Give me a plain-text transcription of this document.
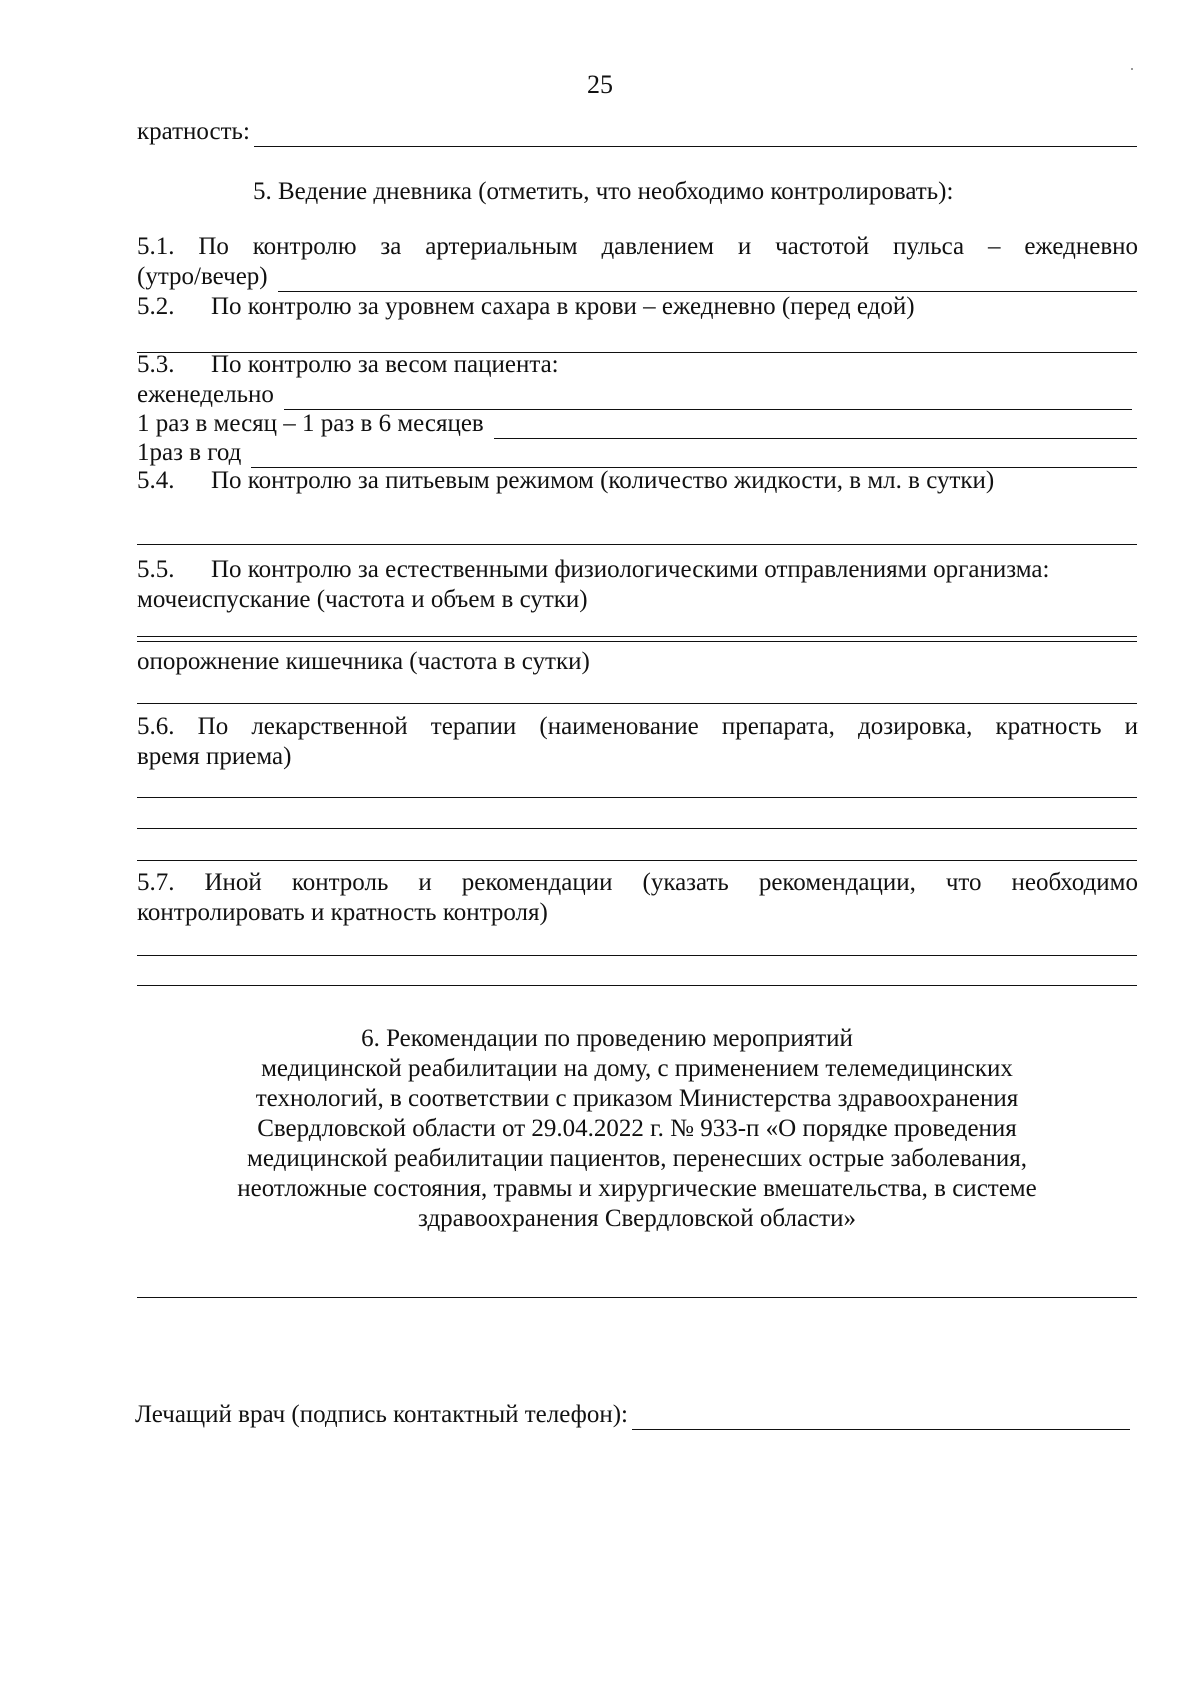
25
кратность:
5. Ведение дневника (отметить, что необходимо контролировать):
5.1. По контролю за артериальным давлением и частотой пульса – ежедневно
(утро/вечер)
5.2. По контролю за уровнем сахара в крови – ежедневно (перед едой)
5.3. По контролю за весом пациента:
еженедельно
1 раз в месяц – 1 раз в 6 месяцев
1раз в год
5.4. По контролю за питьевым режимом (количество жидкости, в мл. в сутки)
5.5. По контролю за естественными физиологическими отправлениями организма:
мочеиспускание (частота и объем в сутки)
опорожнение кишечника (частота в сутки)
5.6. По лекарственной терапии (наименование препарата, дозировка, кратность и
время приема)
5.7. Иной контроль и рекомендации (указать рекомендации, что необходимо
контролировать и кратность контроля)
6. Рекомендации по проведению мероприятий
медицинской реабилитации на дому, с применением телемедицинских
технологий, в соответствии с приказом Министерства здравоохранения
Свердловской области от 29.04.2022 г. № 933-п «О порядке проведения
медицинской реабилитации пациентов, перенесших острые заболевания,
неотложные состояния, травмы и хирургические вмешательства, в системе
здравоохранения Свердловской области»
Лечащий врач (подпись контактный телефон):
